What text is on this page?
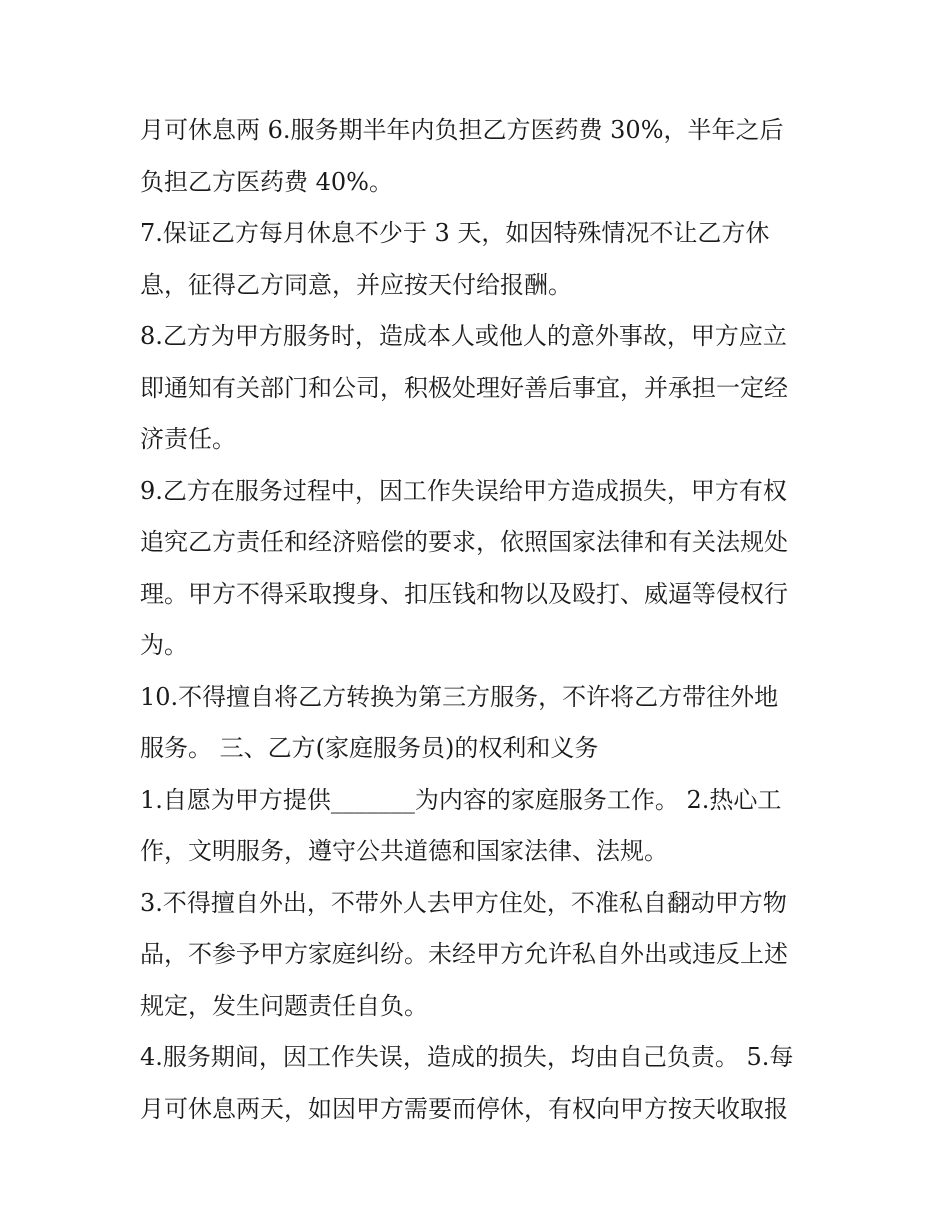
月可休息两 6.服务期半年内负担乙方医药费 30%，半年之后
负担乙方医药费 40%。
7.保证乙方每月休息不少于 3 天，如因特殊情况不让乙方休
息，征得乙方同意，并应按天付给报酬。
8.乙方为甲方服务时，造成本人或他人的意外事故，甲方应立
即通知有关部门和公司，积极处理好善后事宜，并承担一定经
济责任。
9.乙方在服务过程中，因工作失误给甲方造成损失，甲方有权
追究乙方责任和经济赔偿的要求，依照国家法律和有关法规处
理。甲方不得采取搜身、扣压钱和物以及殴打、威逼等侵权行
为。
10.不得擅自将乙方转换为第三方服务，不许将乙方带往外地
服务。 三、乙方(家庭服务员)的权利和义务
1.自愿为甲方提供_______为内容的家庭服务工作。 2.热心工
作，文明服务，遵守公共道德和国家法律、法规。
3.不得擅自外出，不带外人去甲方住处，不准私自翻动甲方物
品，不参予甲方家庭纠纷。未经甲方允许私自外出或违反上述
规定，发生问题责任自负。
4.服务期间，因工作失误，造成的损失，均由自己负责。 5.每
月可休息两天，如因甲方需要而停休，有权向甲方按天收取报
